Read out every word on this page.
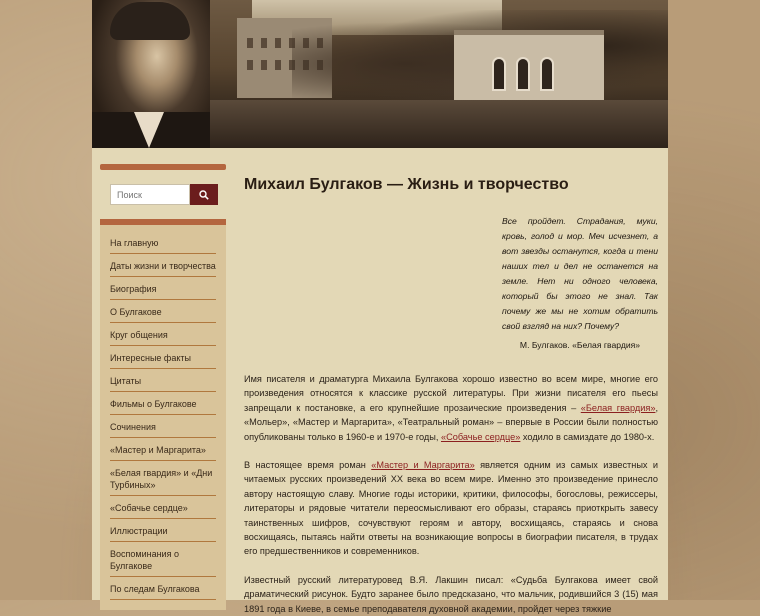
Поиск
На главную
Даты жизни и творчества
Биография
О Булгакове
Круг общения
Интересные факты
Цитаты
Фильмы о Булгакове
Сочинения
«Мастер и Маргарита»
«Белая гвардия» и «Дни Турбиных»
«Собачье сердце»
Иллюстрации
Воспоминания о Булгакове
По следам Булгакова
Михаил Булгаков — Жизнь и творчество

Все пройдет. Страдания, муки, кровь, голод и мор. Меч исчезнет, а вот звезды останутся, когда и тени наших тел и дел не останется на земле. Нет ни одного человека, который бы этого не знал. Так почему же мы не хотим обратить свой взгляд на них? Почему?

М. Булгаков. «Белая гвардия»

Имя писателя и драматурга Михаила Булгакова хорошо известно во всем мире, многие его произведения относятся к классике русской литературы. При жизни писателя его пьесы запрещали к постановке, а его крупнейшие прозаические произведения – «Белая гвардия», «Мольер», «Мастер и Маргарита», «Театральный роман» – впервые в России были полностью опубликованы только в 1960-е и 1970-е годы, «Собачье сердце» ходило в самиздате до 1980-х.

В настоящее время роман «Мастер и Маргарита» является одним из самых известных и читаемых русских произведений XX века во всем мире. Именно это произведение принесло автору настоящую славу. Многие годы историки, критики, философы, богословы, режиссеры, литераторы и рядовые читатели переосмысливают его образы, стараясь приоткрыть завесу таинственных шифров, сочувствуют героям и автору, восхищаясь, стараясь и снова восхищаясь, пытаясь найти ответы на возникающие вопросы в биографии писателя, в трудах его предшественников и современников.

Известный русский литературовед В.Я. Лакшин писал: «Судьба Булгакова имеет свой драматический рисунок. Будто заранее было предсказано, что мальчик, родившийся 3 (15) мая 1891 года в Киеве, в семье преподавателя духовной академии, пройдет через тяжкие
